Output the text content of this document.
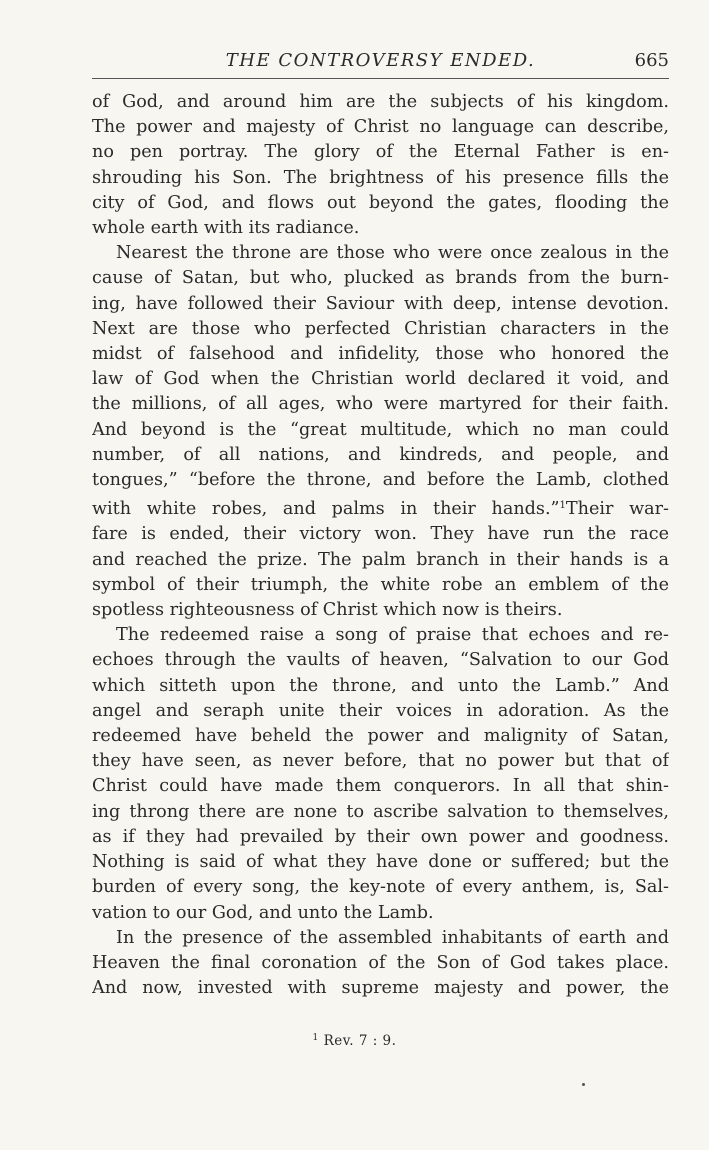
THE CONTROVERSY ENDED.	665

of God, and around him are the subjects of his kingdom.

The power and majesty of Christ no language can describe,

no pen portray. The glory of the Eternal Father is en-

shrouding his Son. The brightness of his presence fills the

city of God, and flows out beyond the gates, flooding the

whole earth with its radiance.

Nearest the throne are those who were once zealous in the

cause of Satan, but who, plucked as brands from the burn-

ing, have followed their Saviour with deep, intense devotion.

Next are those who perfected Christian characters in the

midst of falsehood and infidelity, those who honored the

law of God when the Christian world declared it void, and

the millions, of all ages, who were martyred for their faith.

And beyond is the “great multitude, which no man could

number, of all nations, and kindreds, and people, and

tongues,” “before the throne, and before the Lamb, clothed

with white robes, and palms in their hands.”$^1$Their war-

fare is ended, their victory won. They have run the race

and reached the prize. The palm branch in their hands is a

symbol of their triumph, the white robe an emblem of the

spotless righteousness of Christ which now is theirs.

The redeemed raise a song of praise that echoes and re-

echoes through the vaults of heaven, “Salvation to our God

which sitteth upon the throne, and unto the Lamb.” And

angel and seraph unite their voices in adoration. As the

redeemed have beheld the power and malignity of Satan,

they have seen, as never before, that no power but that of

Christ could have made them conquerors. In all that shin-

ing throng there are none to ascribe salvation to themselves,

as if they had prevailed by their own power and goodness.

Nothing is said of what they have done or suffered; but the

burden of every song, the key-note of every anthem, is, Sal-

vation to our God, and unto the Lamb.

In the presence of the assembled inhabitants of earth and

Heaven the final coronation of the Son of God takes place.

And now, invested with supreme majesty and power, the

$^1$ Rev. 7 : 9.
